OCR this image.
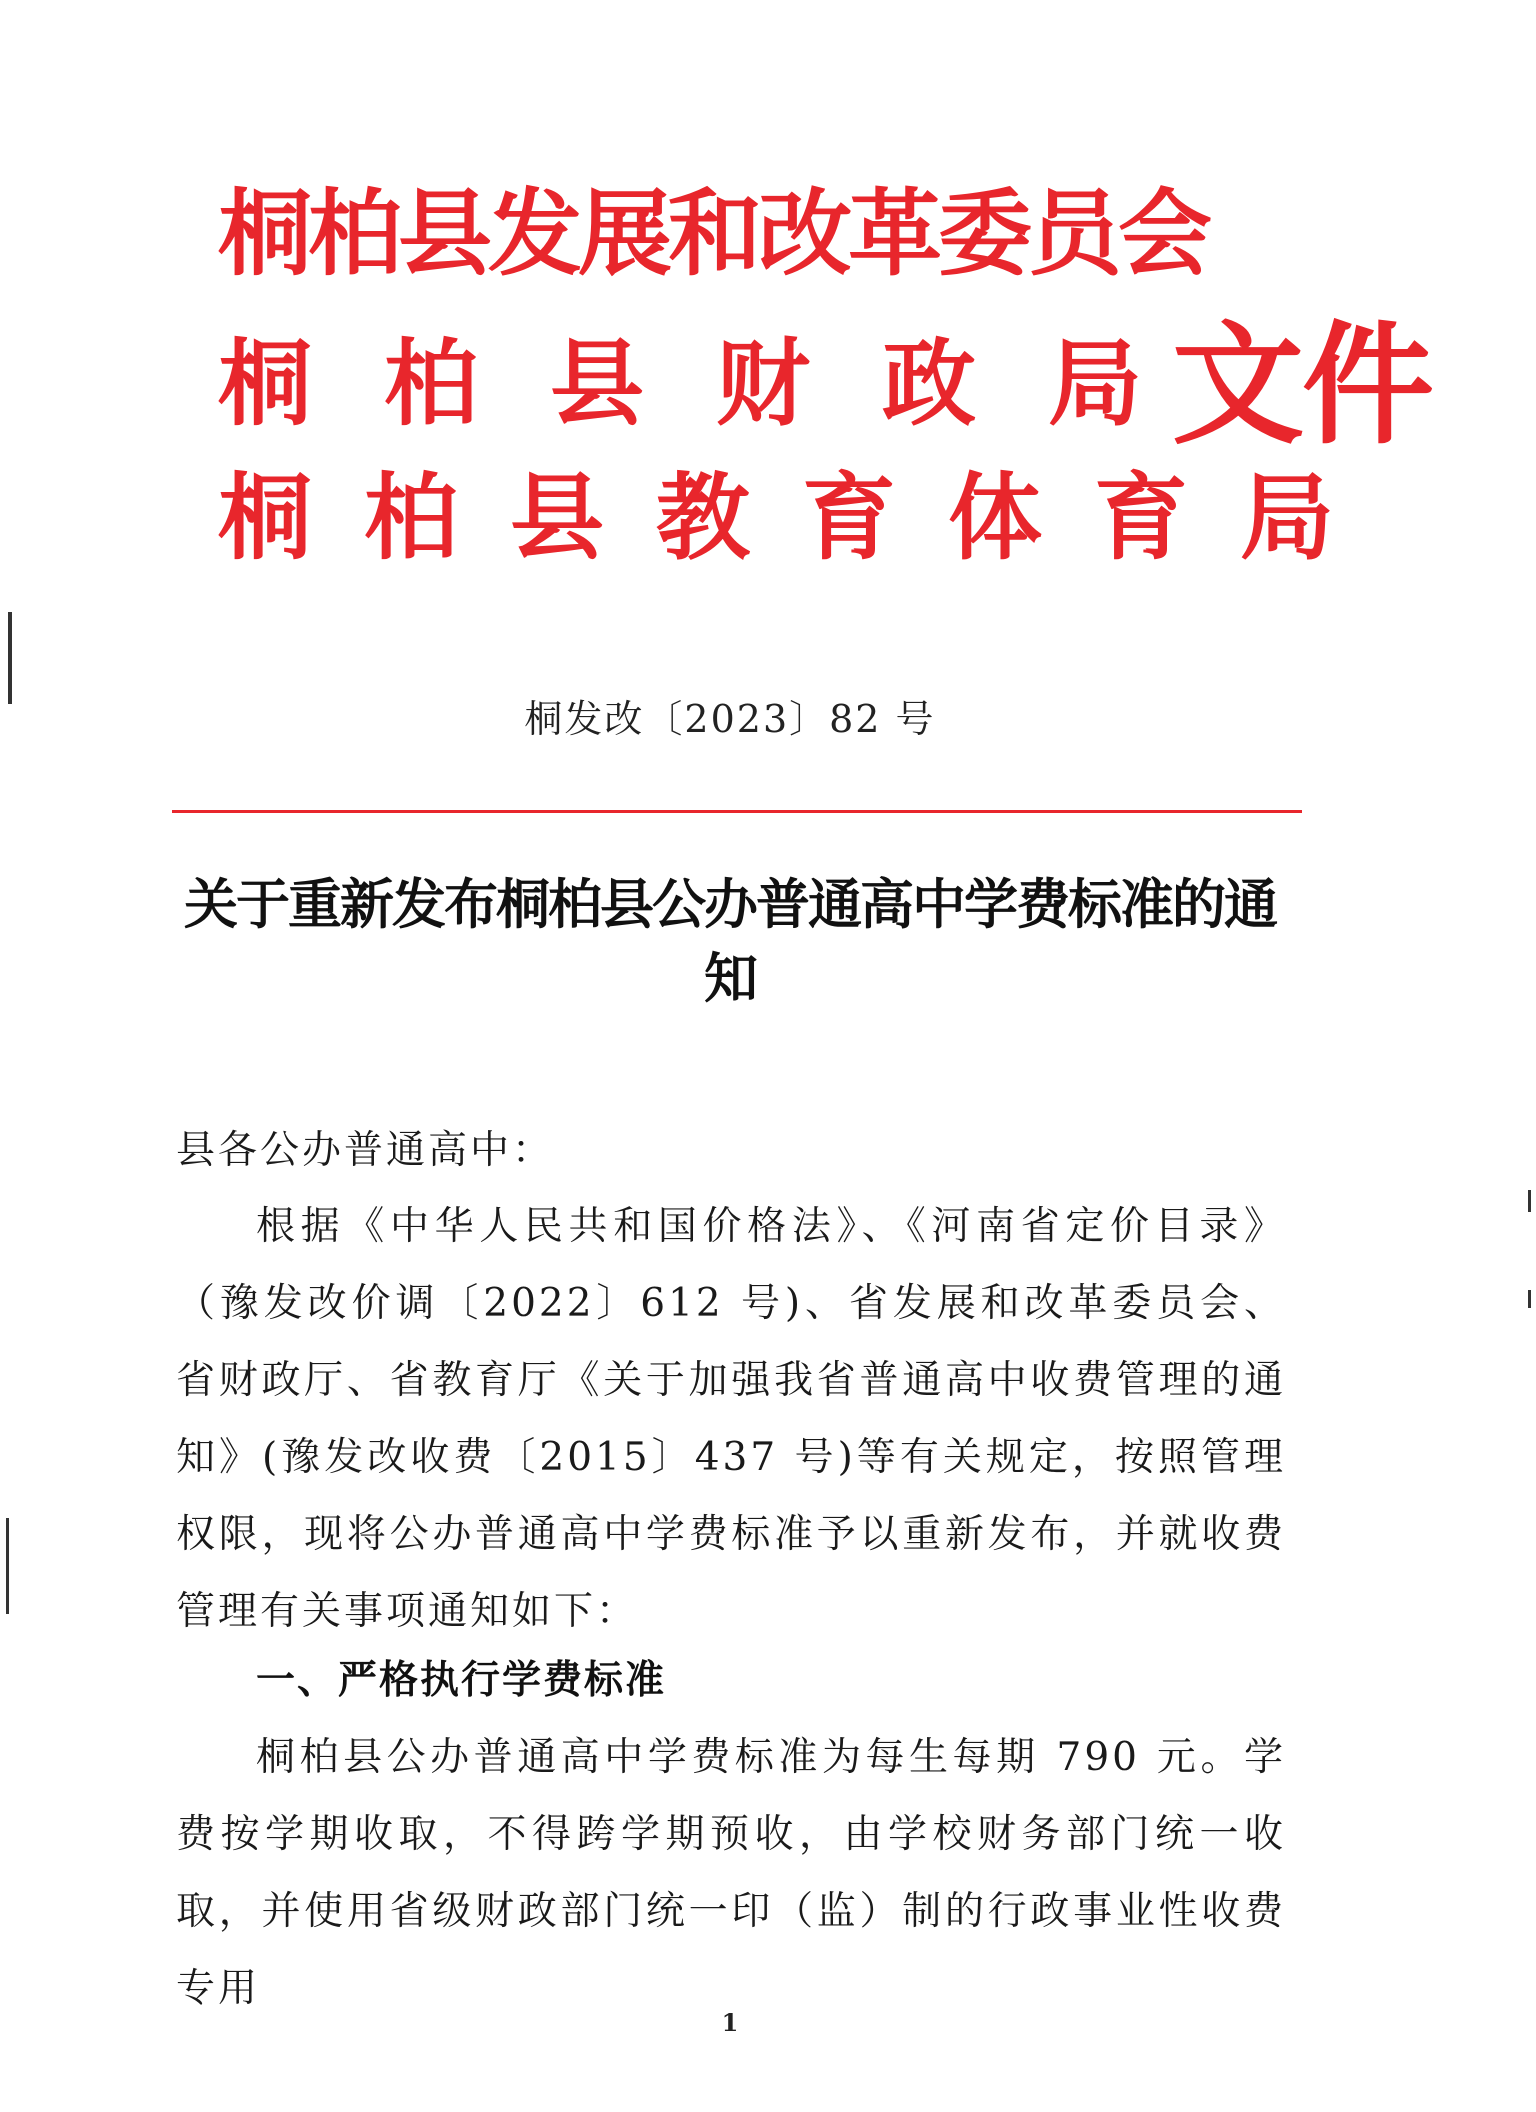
桐柏县发展和改革委员会
桐柏县财政局
桐柏县教育体育局
文件
桐发改〔2023〕82 号
关于重新发布桐柏县公办普通高中学费标准的通知
县各公办普通高中：
根据《中华人民共和国价格法》、《河南省定价目录》（豫发改价调〔2022〕612 号)、省发展和改革委员会、省财政厅、省教育厅《关于加强我省普通高中收费管理的通知》(豫发改收费〔2015〕437 号)等有关规定，按照管理权限，现将公办普通高中学费标准予以重新发布，并就收费管理有关事项通知如下：
一、严格执行学费标准
桐柏县公办普通高中学费标准为每生每期 790 元。学费按学期收取，不得跨学期预收，由学校财务部门统一收取，并使用省级财政部门统一印（监）制的行政事业性收费专用
1
